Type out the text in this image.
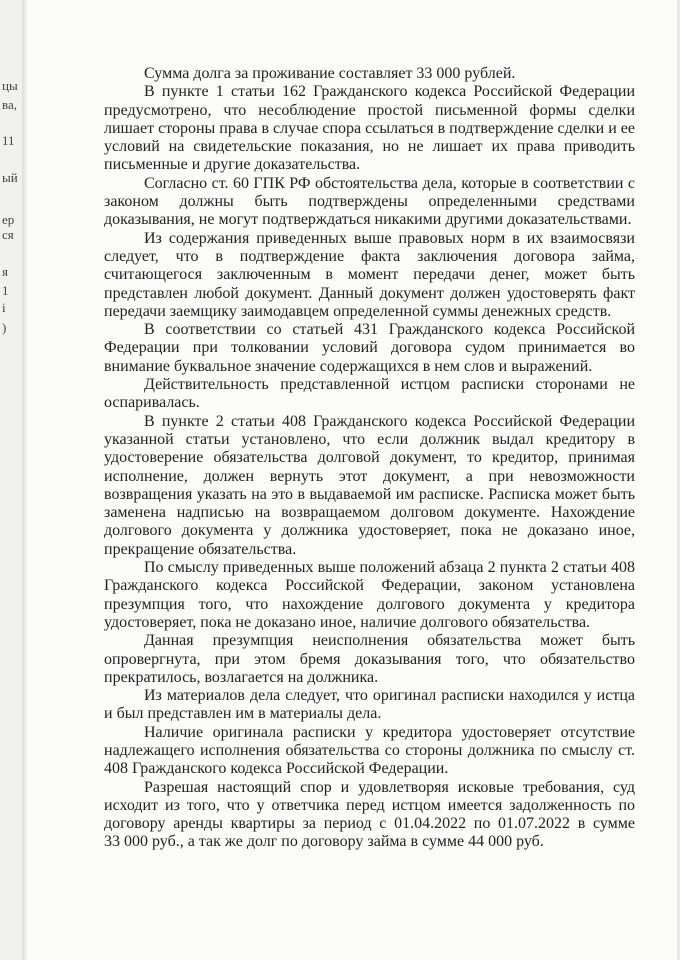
цы
ва,
11
ый
ер
ся
я
1
і
)
Сумма долга за проживание составляет 33 000 рублей.
В пункте 1 статьи 162 Гражданского кодекса Российской Федерации
предусмотрено, что несоблюдение простой письменной формы сделки
лишает стороны права в случае спора ссылаться в подтверждение сделки и ее
условий на свидетельские показания, но не лишает их права приводить
письменные и другие доказательства.
Согласно ст. 60 ГПК РФ обстоятельства дела, которые в соответствии с
законом должны быть подтверждены определенными средствами
доказывания, не могут подтверждаться никакими другими доказательствами.
Из содержания приведенных выше правовых норм в их взаимосвязи
следует, что в подтверждение факта заключения договора займа,
считающегося заключенным в момент передачи денег, может быть
представлен любой документ. Данный документ должен удостоверять факт
передачи заемщику заимодавцем определенной суммы денежных средств.
В соответствии со статьей 431 Гражданского кодекса Российской
Федерации при толковании условий договора судом принимается во
внимание буквальное значение содержащихся в нем слов и выражений.
Действительность представленной истцом расписки сторонами не
оспаривалась.
В пункте 2 статьи 408 Гражданского кодекса Российской Федерации
указанной статьи установлено, что если должник выдал кредитору в
удостоверение обязательства долговой документ, то кредитор, принимая
исполнение, должен вернуть этот документ, а при невозможности
возвращения указать на это в выдаваемой им расписке. Расписка может быть
заменена надписью на возвращаемом долговом документе. Нахождение
долгового документа у должника удостоверяет, пока не доказано иное,
прекращение обязательства.
По смыслу приведенных выше положений абзаца 2 пункта 2 статьи 408
Гражданского кодекса Российской Федерации, законом установлена
презумпция того, что нахождение долгового документа у кредитора
удостоверяет, пока не доказано иное, наличие долгового обязательства.
Данная презумпция неисполнения обязательства может быть
опровергнута, при этом бремя доказывания того, что обязательство
прекратилось, возлагается на должника.
Из материалов дела следует, что оригинал расписки находился у истца
и был представлен им в материалы дела.
Наличие оригинала расписки у кредитора удостоверяет отсутствие
надлежащего исполнения обязательства со стороны должника по смыслу ст.
408 Гражданского кодекса Российской Федерации.
Разрешая настоящий спор и удовлетворяя исковые требования, суд
исходит из того, что у ответчика перед истцом имеется задолженность по
договору аренды квартиры за период с 01.04.2022 по 01.07.2022 в сумме
33 000 руб., а так же долг по договору займа в сумме 44 000 руб.
